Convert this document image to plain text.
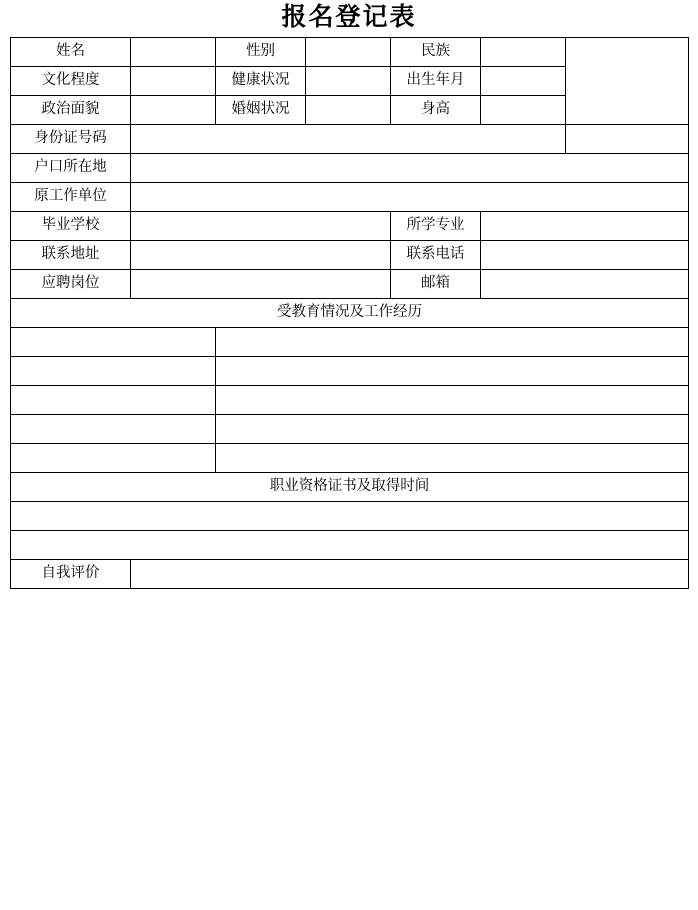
报名登记表
姓名		性别		民族		
文化程度		健康状况		出生年月		
政治面貌		婚姻状况		身高		
身份证号码						
户口所在地						
原工作单位						
毕业学校				所学专业		
联系地址				联系电话		
应聘岗位				邮箱		
受教育情况及工作经历						

职业资格证书及取得时间						

自我评价						
